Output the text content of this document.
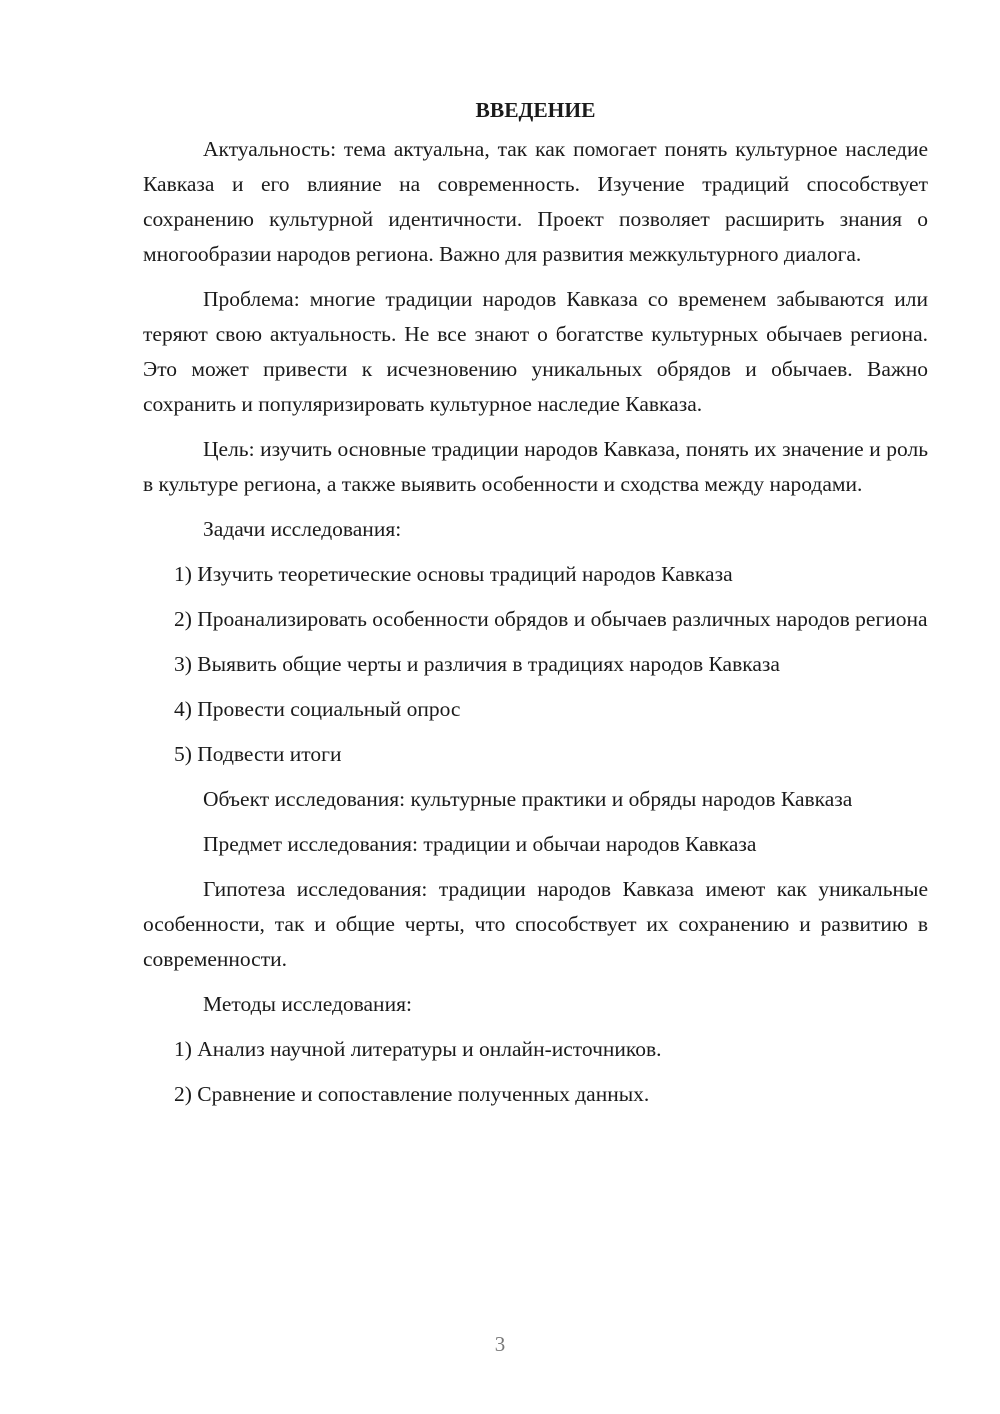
ВВЕДЕНИЕ

Актуальность: тема актуальна, так как помогает понять культурное наследие Кавказа и его влияние на современность. Изучение традиций способствует сохранению культурной идентичности. Проект позволяет расширить знания о многообразии народов региона. Важно для развития межкультурного диалога.

Проблема: многие традиции народов Кавказа со временем забываются или теряют свою актуальность. Не все знают о богатстве культурных обычаев региона. Это может привести к исчезновению уникальных обрядов и обычаев. Важно сохранить и популяризировать культурное наследие Кавказа.

Цель: изучить основные традиции народов Кавказа, понять их значение и роль в культуре региона, а также выявить особенности и сходства между народами.

Задачи исследования:

1) Изучить теоретические основы традиций народов Кавказа

2) Проанализировать особенности обрядов и обычаев различных народов региона

3) Выявить общие черты и различия в традициях народов Кавказа

4) Провести социальный опрос

5) Подвести итоги

Объект исследования: культурные практики и обряды народов Кавказа

Предмет исследования: традиции и обычаи народов Кавказа

Гипотеза исследования: традиции народов Кавказа имеют как уникальные особенности, так и общие черты, что способствует их сохранению и развитию в современности.

Методы исследования:

1) Анализ научной литературы и онлайн-источников.

2) Сравнение и сопоставление полученных данных.

3
